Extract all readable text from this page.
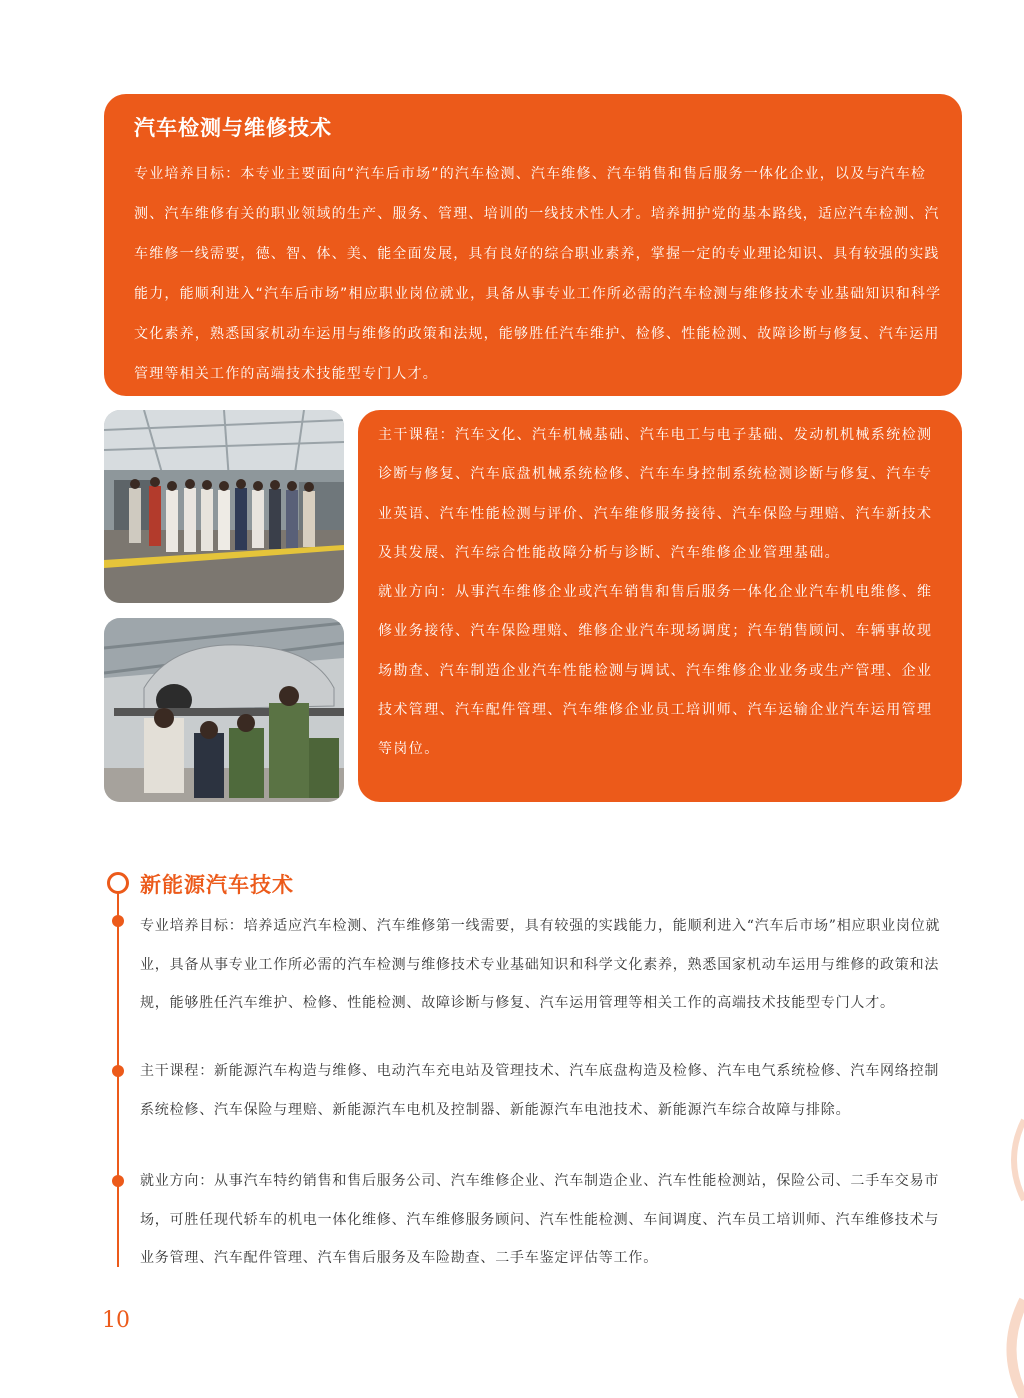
汽车检测与维修技术
专业培养目标：本专业主要面向“汽车后市场”的汽车检测、汽车维修、汽车销售和售后服务一体化企业，以及与汽车检测、汽车维修有关的职业领域的生产、服务、管理、培训的一线技术性人才。培养拥护党的基本路线，适应汽车检测、汽车维修一线需要，德、智、体、美、能全面发展，具有良好的综合职业素养，掌握一定的专业理论知识、具有较强的实践能力，能顺利进入“汽车后市场”相应职业岗位就业，具备从事专业工作所必需的汽车检测与维修技术专业基础知识和科学文化素养，熟悉国家机动车运用与维修的政策和法规，能够胜任汽车维护、检修、性能检测、故障诊断与修复、汽车运用管理等相关工作的高端技术技能型专门人才。
主干课程：汽车文化、汽车机械基础、汽车电工与电子基础、发动机机械系统检测诊断与修复、汽车底盘机械系统检修、汽车车身控制系统检测诊断与修复、汽车专业英语、汽车性能检测与评价、汽车维修服务接待、汽车保险与理赔、汽车新技术及其发展、汽车综合性能故障分析与诊断、汽车维修企业管理基础。
就业方向：从事汽车维修企业或汽车销售和售后服务一体化企业汽车机电维修、维修业务接待、汽车保险理赔、维修企业汽车现场调度；汽车销售顾问、车辆事故现场勘查、汽车制造企业汽车性能检测与调试、汽车维修企业业务或生产管理、企业技术管理、汽车配件管理、汽车维修企业员工培训师、汽车运输企业汽车运用管理等岗位。
新能源汽车技术
专业培养目标：培养适应汽车检测、汽车维修第一线需要，具有较强的实践能力，能顺利进入“汽车后市场”相应职业岗位就业，具备从事专业工作所必需的汽车检测与维修技术专业基础知识和科学文化素养，熟悉国家机动车运用与维修的政策和法规，能够胜任汽车维护、检修、性能检测、故障诊断与修复、汽车运用管理等相关工作的高端技术技能型专门人才。
主干课程：新能源汽车构造与维修、电动汽车充电站及管理技术、汽车底盘构造及检修、汽车电气系统检修、汽车网络控制系统检修、汽车保险与理赔、新能源汽车电机及控制器、新能源汽车电池技术、新能源汽车综合故障与排除。
就业方向：从事汽车特约销售和售后服务公司、汽车维修企业、汽车制造企业、汽车性能检测站，保险公司、二手车交易市场，可胜任现代轿车的机电一体化维修、汽车维修服务顾问、汽车性能检测、车间调度、汽车员工培训师、汽车维修技术与业务管理、汽车配件管理、汽车售后服务及车险勘查、二手车鉴定评估等工作。
10
